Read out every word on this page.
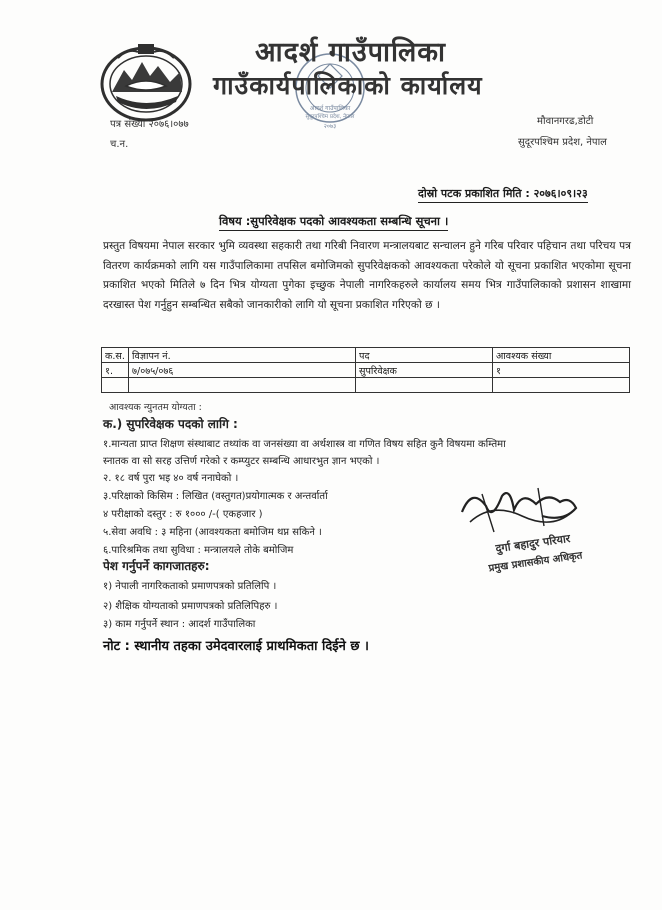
आदर्श गाउँपालिका
सुदूरपश्चिम प्रदेश, नेपाल
२०७३
आदर्श गाउँपालिका
गाउँकार्यपालिकाको कार्यालय
पत्र संख्या २०७६।०७७
च.न.
मौवानगरढ,डोटी
सुदूरपश्चिम प्रदेश, नेपाल
दोस्रो पटक प्रकाशित मिति : २०७६।०९।२३
विषय :सुपरिवेक्षक पदको आवश्यकता सम्बन्धि सूचना ।
प्रस्तुत विषयमा नेपाल सरकार भुमि व्यवस्था सहकारी तथा गरिबी निवारण मन्त्रालयबाट सन्चालन हुने गरिब परिवार पहिचान तथा परिचय पत्र वितरण कार्यक्रमको लागि यस गाउँपालिकामा तपसिल बमोजिमको सुपरिवेक्षकको आवश्यकता परेकोले यो सूचना प्रकाशित भएकोमा सूचना प्रकाशित भएको मितिले ७ दिन भित्र योग्यता पुगेका इच्छुक नेपाली नागरिकहरुले कार्यालय समय भित्र गाउँपालिकाको प्रशासन शाखामा दरखास्त पेश गर्नुहुन सम्बन्धित सबैको जानकारीको लागि यो सूचना प्रकाशित गरिएको छ ।
क.स.	विज्ञापन नं.	पद	आवश्यक संख्या
१.	७/०७५/०७६	सुपरिवेक्षक	१

आवश्यक न्युनतम योग्यता :
क.) सुपरिवेक्षक पदको लागि :
१.मान्यता प्राप्त शिक्षण संस्थाबाट तथ्यांक वा जनसंख्या वा अर्थशास्त्र वा गणित विषय सहित कुनै विषयमा कम्तिमा
स्नातक वा सो सरह उत्तिर्ण गरेको र कम्प्युटर सम्बन्धि आधारभुत ज्ञान भएको ।
२. १८ वर्ष पुरा भइ ४० वर्ष ननाघेको ।
३.परिक्षाको किसिम : लिखित (वस्तुगत)प्रयोगात्मक र अन्तर्वार्ता
४ परीक्षाको दस्तुर : रु १००० /-( एकहजार )
५.सेवा अवधि : ३ महिना (आवश्यकता बमोजिम थप्न सकिने ।
६.पारिश्रमिक तथा सुविधा : मन्त्रालयले तोके बमोजिम
पेश गर्नुपर्ने कागजातहरु:
१) नेपाली नागरिकताको प्रमाणपत्रको प्रतिलिपि ।
२) शैक्षिक योग्यताको प्रमाणपत्रको प्रतिलिपिहरु ।
३) काम गर्नुपर्ने स्थान : आदर्श गाउँपालिका
नोट : स्थानीय तहका उमेदवारलाई प्राथमिकता दिईने छ ।
दुर्गा बहादुर परियार
प्रमुख प्रशासकीय अधिकृत
